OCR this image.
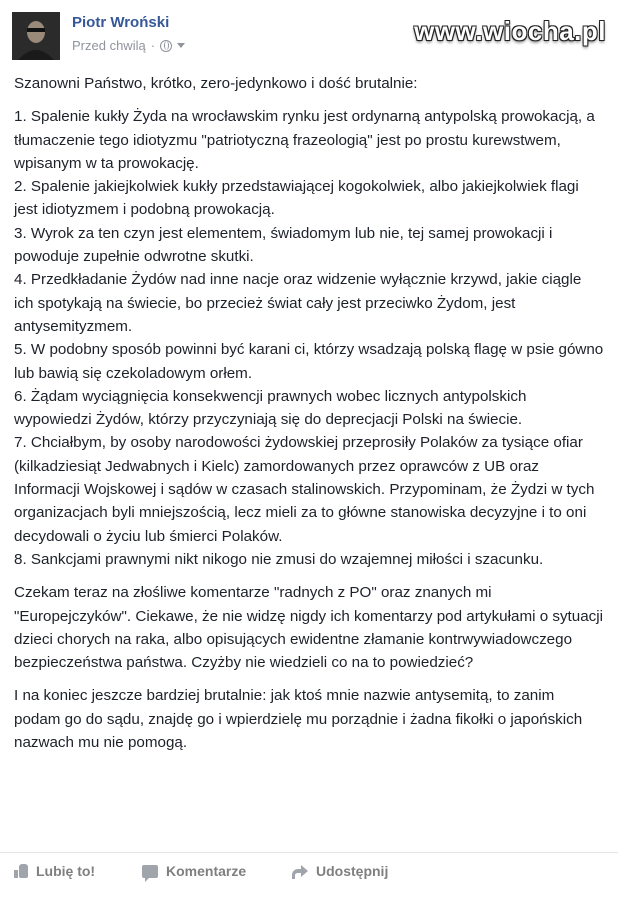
Piotr Wroński
Przed chwilą ·	www.wiocha.pl

Szanowni Państwo, krótko, zero-jedynkowo i dość brutalnie:

1. Spalenie kukły Żyda na wrocławskim rynku jest ordynarną antypolską prowokacją, a tłumaczenie tego idiotyzmu "patriotyczną frazeologią" jest po prostu kurewstwem, wpisanym w ta prowokację.

2. Spalenie jakiejkolwiek kukły przedstawiającej kogokolwiek, albo jakiejkolwiek flagi jest idiotyzmem i podobną prowokacją.

3. Wyrok za ten czyn jest elementem, świadomym lub nie, tej samej prowokacji i powoduje zupełnie odwrotne skutki.

4. Przedkładanie Żydów nad inne nacje oraz widzenie wyłącznie krzywd, jakie ciągle ich spotykają na świecie, bo przecież świat cały jest przeciwko Żydom, jest antysemityzmem.

5. W podobny sposób powinni być karani ci, którzy wsadzają polską flagę w psie gówno lub bawią się czekoladowym orłem.

6. Żądam wyciągnięcia konsekwencji prawnych wobec licznych antypolskich wypowiedzi Żydów, którzy przyczyniają się do deprecjacji Polski na świecie.

7. Chciałbym, by osoby narodowości żydowskiej przeprosiły Polaków za tysiące ofiar (kilkadziesiąt Jedwabnych i Kielc) zamordowanych przez oprawców z UB oraz Informacji Wojskowej i sądów w czasach stalinowskich. Przypominam, że Żydzi w tych organizacjach byli mniejszością, lecz mieli za to główne stanowiska decyzyjne i to oni decydowali o życiu lub śmierci Polaków.

8. Sankcjami prawnymi nikt nikogo nie zmusi do wzajemnej miłości i szacunku.

Czekam teraz na złośliwe komentarze "radnych z PO" oraz znanych mi "Europejczyków". Ciekawe, że nie widzę nigdy ich komentarzy pod artykułami o sytuacji dzieci chorych na raka, albo opisujących ewidentne złamanie kontrwywiadowczego bezpieczeństwa państwa. Czyżby nie wiedzieli co na to powiedzieć?

I na koniec jeszcze bardziej brutalnie: jak ktoś mnie nazwie antysemitą, to zanim podam go do sądu, znajdę go i wpierdzielę mu porządnie i żadna fikołki o japońskich nazwach mu nie pomogą.

Lubię to!	Komentarze	Udostępnij
